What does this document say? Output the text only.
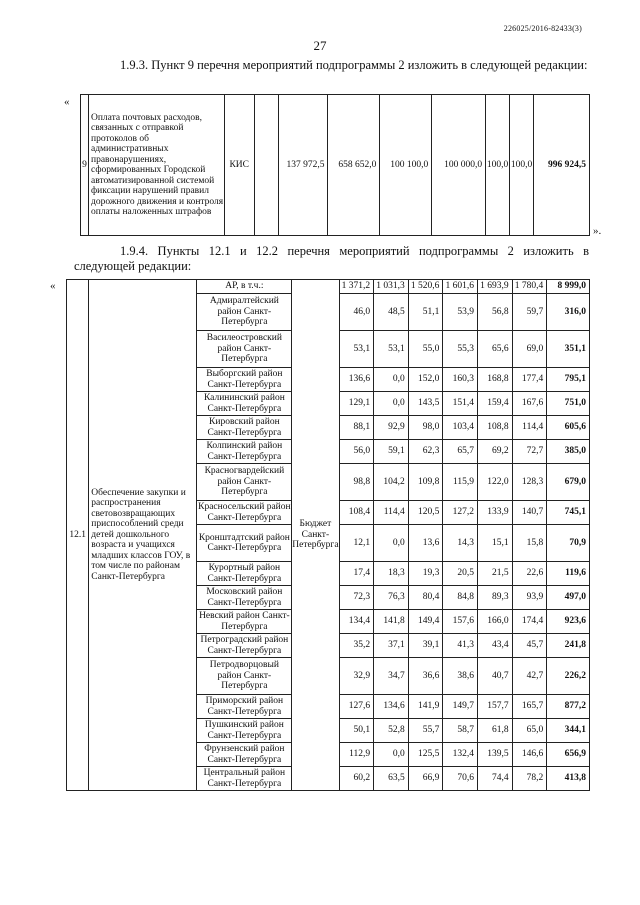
226025/2016-82433(3)
27
1.9.3. Пункт 9 перечня мероприятий подпрограммы 2 изложить в следующей редакции:
«
9	Оплата почтовых расходов, связанных с отправкой протоколов об административных правонарушениях, сформированных Городской автоматизированной системой фиксации нарушений правил дорожного движения и контроля оплаты наложенных штрафов	КИС		137 972,5	658 652,0	100 100,0	100 000,0	100,0	100,0	996 924,5
».
1.9.4. Пункты 12.1 и 12.2 перечня мероприятий подпрограммы 2 изложить в следующей редакции:
«
12.1	Обеспечение закупки и распространения световозвращающих приспособлений среди детей дошкольного возраста и учащихся младших классов ГОУ, в том числе по районам Санкт-Петербурга	АР, в т.ч.:	Бюджет Санкт-Петербурга	1 371,2	1 031,3	1 520,6	1 601,6	1 693,9	1 780,4	8 999,0
		Адмиралтейский район Санкт-Петербурга		46,0	48,5	51,1	53,9	56,8	59,7	316,0
		Василеостровский район Санкт-Петербурга		53,1	53,1	55,0	55,3	65,6	69,0	351,1
		Выборгский район Санкт-Петербурга		136,6	0,0	152,0	160,3	168,8	177,4	795,1
		Калининский район Санкт-Петербурга		129,1	0,0	143,5	151,4	159,4	167,6	751,0
		Кировский район Санкт-Петербурга		88,1	92,9	98,0	103,4	108,8	114,4	605,6
		Колпинский район Санкт-Петербурга		56,0	59,1	62,3	65,7	69,2	72,7	385,0
		Красногвардейский район Санкт-Петербурга		98,8	104,2	109,8	115,9	122,0	128,3	679,0
		Красносельский район Санкт-Петербурга		108,4	114,4	120,5	127,2	133,9	140,7	745,1
		Кронштадтский район Санкт-Петербурга		12,1	0,0	13,6	14,3	15,1	15,8	70,9
		Курортный район Санкт-Петербурга		17,4	18,3	19,3	20,5	21,5	22,6	119,6
		Московский район Санкт-Петербурга		72,3	76,3	80,4	84,8	89,3	93,9	497,0
		Невский район Санкт-Петербурга		134,4	141,8	149,4	157,6	166,0	174,4	923,6
		Петроградский район Санкт-Петербурга		35,2	37,1	39,1	41,3	43,4	45,7	241,8
		Петродворцовый район Санкт-Петербурга		32,9	34,7	36,6	38,6	40,7	42,7	226,2
		Приморский район Санкт-Петербурга		127,6	134,6	141,9	149,7	157,7	165,7	877,2
		Пушкинский район Санкт-Петербурга		50,1	52,8	55,7	58,7	61,8	65,0	344,1
		Фрунзенский район Санкт-Петербурга		112,9	0,0	125,5	132,4	139,5	146,6	656,9
		Центральный район Санкт-Петербурга		60,2	63,5	66,9	70,6	74,4	78,2	413,8
